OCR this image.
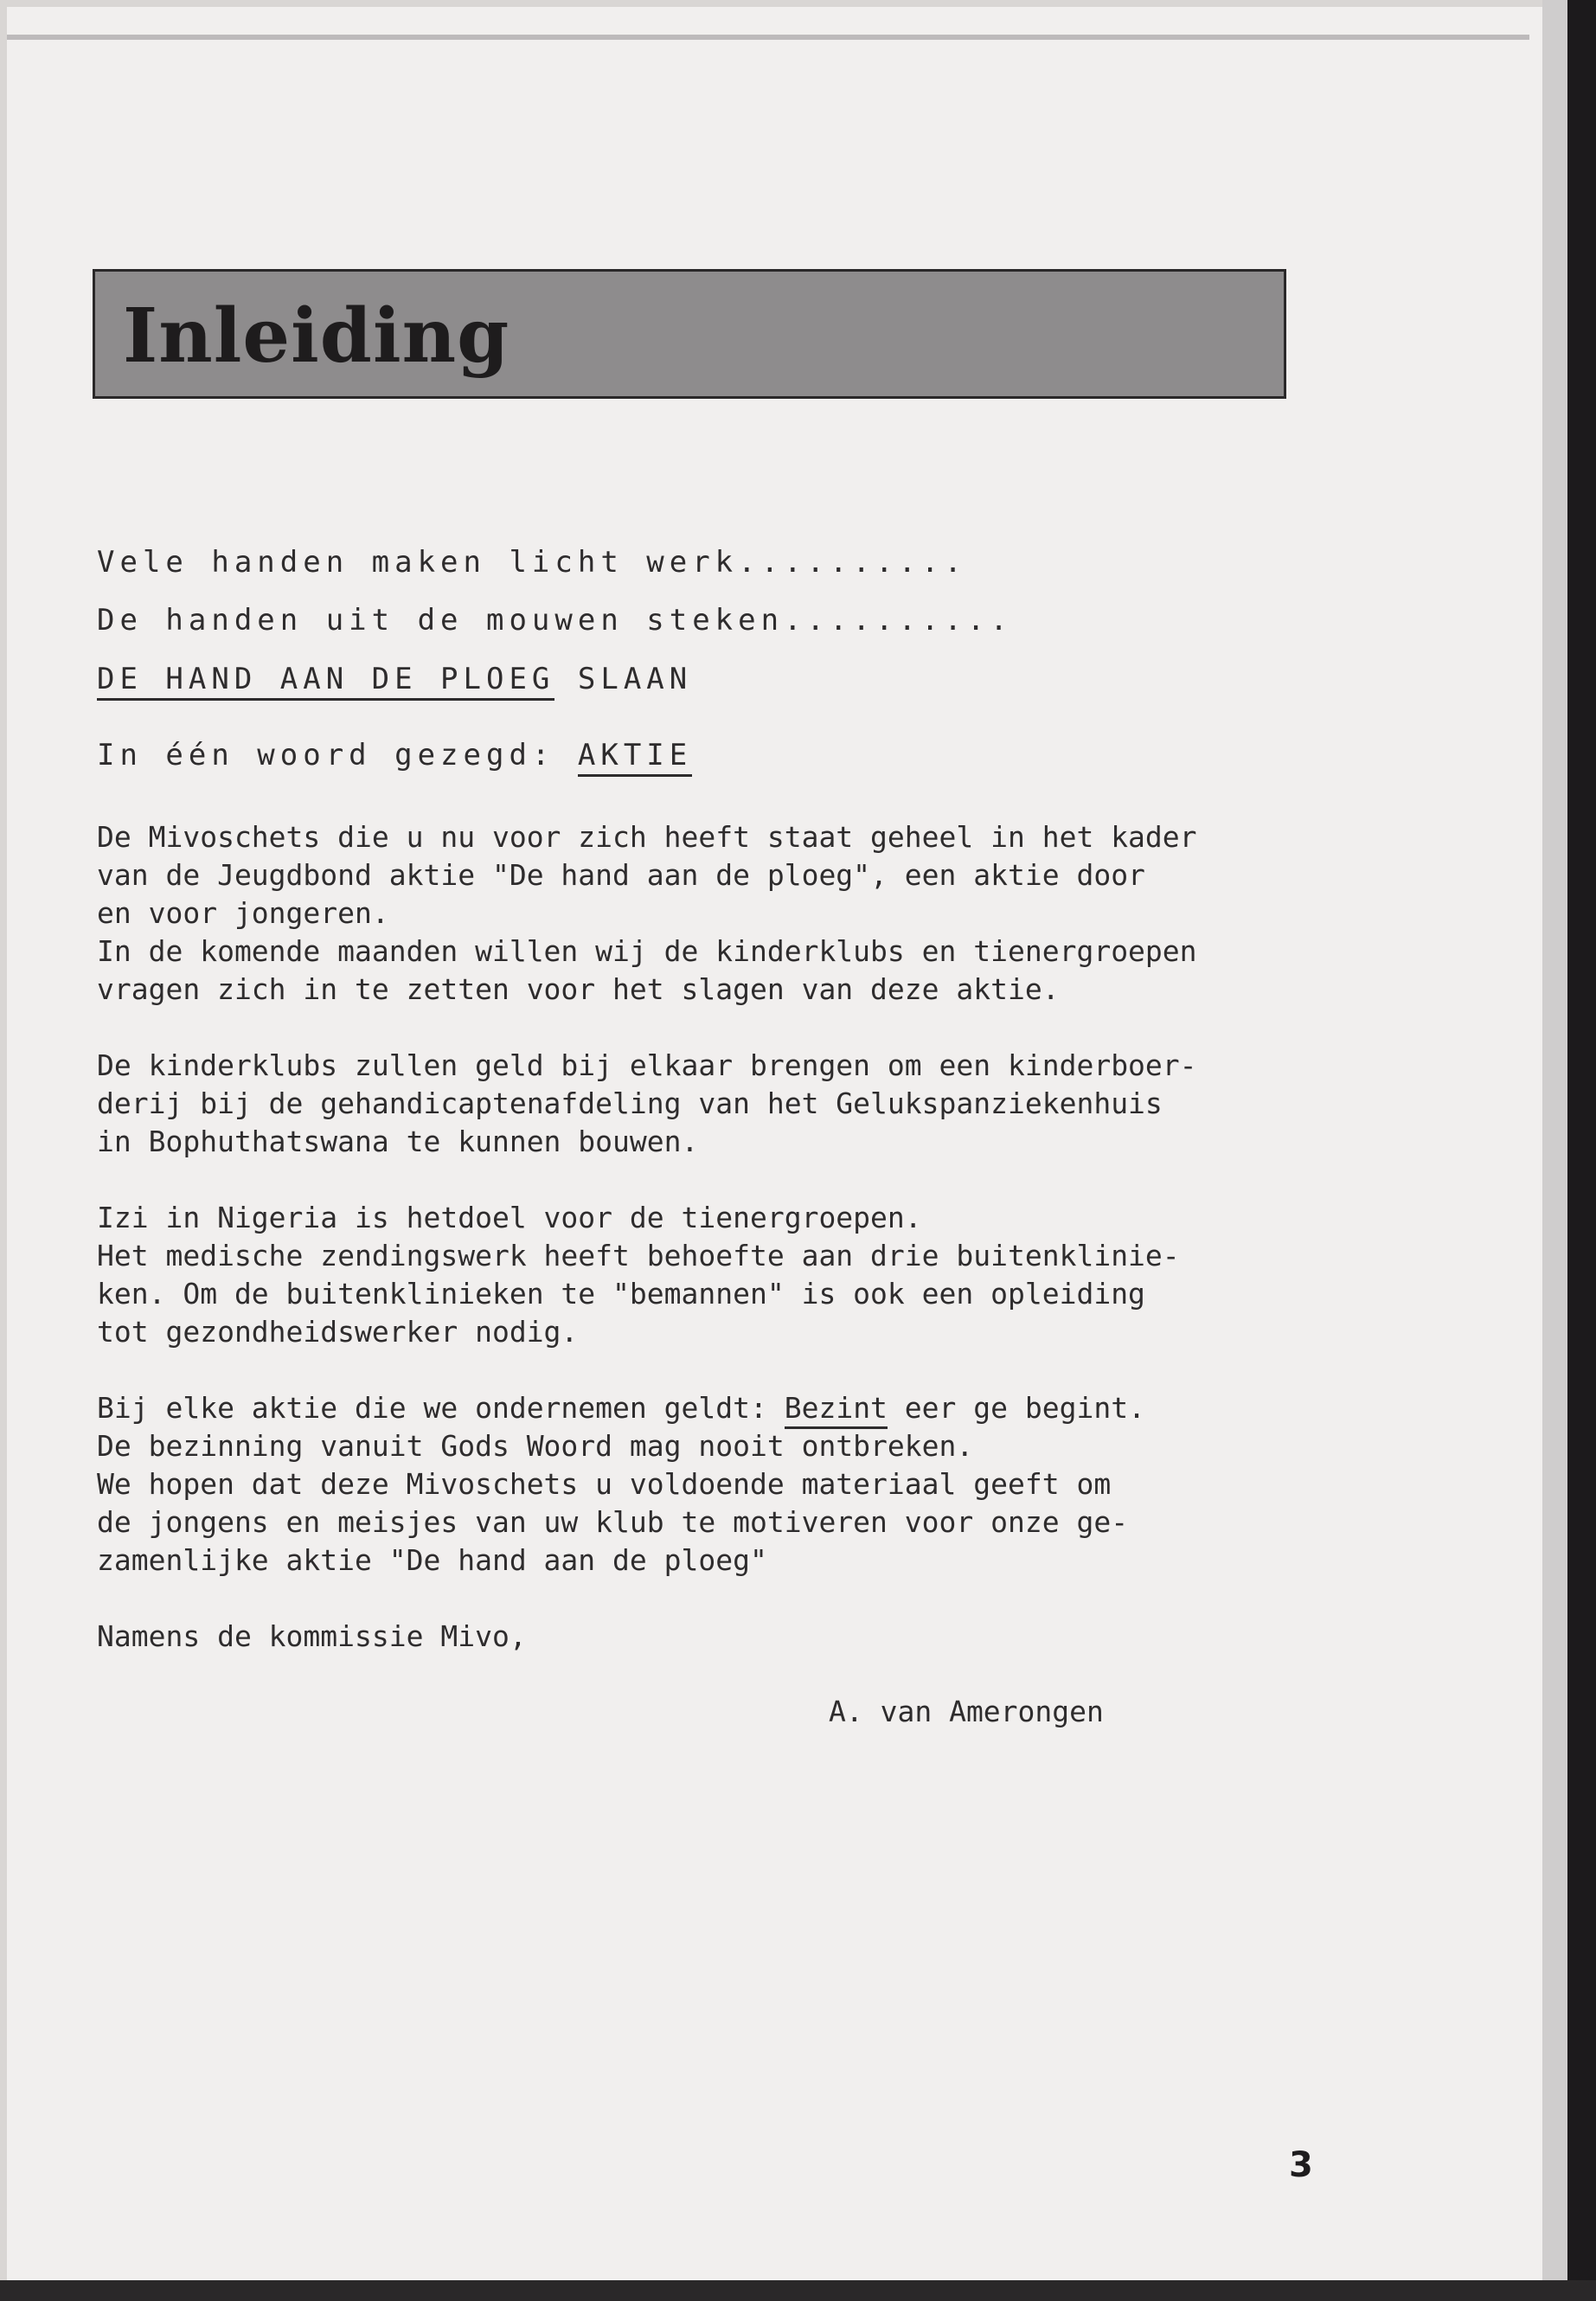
Inleiding
Vele handen maken licht werk..........
De handen uit de mouwen steken..........
DE HAND AAN DE PLOEG SLAAN
In één woord gezegd: AKTIE
De Mivoschets die u nu voor zich heeft staat geheel in het kader
van de Jeugdbond aktie "De hand aan de ploeg", een aktie door
en voor jongeren.
In de komende maanden willen wij de kinderklubs en tienergroepen
vragen zich in te zetten voor het slagen van deze aktie.
De kinderklubs zullen geld bij elkaar brengen om een kinderboer-
derij bij de gehandicaptenafdeling van het Gelukspanziekenhuis
in Bophuthatswana te kunnen bouwen.
Izi in Nigeria is hetdoel voor de tienergroepen.
Het medische zendingswerk heeft behoefte aan drie buitenklinie-
ken. Om de buitenklinieken te "bemannen" is ook een opleiding
tot gezondheidswerker nodig.
Bij elke aktie die we ondernemen geldt: Bezint eer ge begint.
De bezinning vanuit Gods Woord mag nooit ontbreken.
We hopen dat deze Mivoschets u voldoende materiaal geeft om
de jongens en meisjes van uw klub te motiveren voor onze ge-
zamenlijke aktie "De hand aan de ploeg"
Namens de kommissie Mivo,
A. van Amerongen
3
